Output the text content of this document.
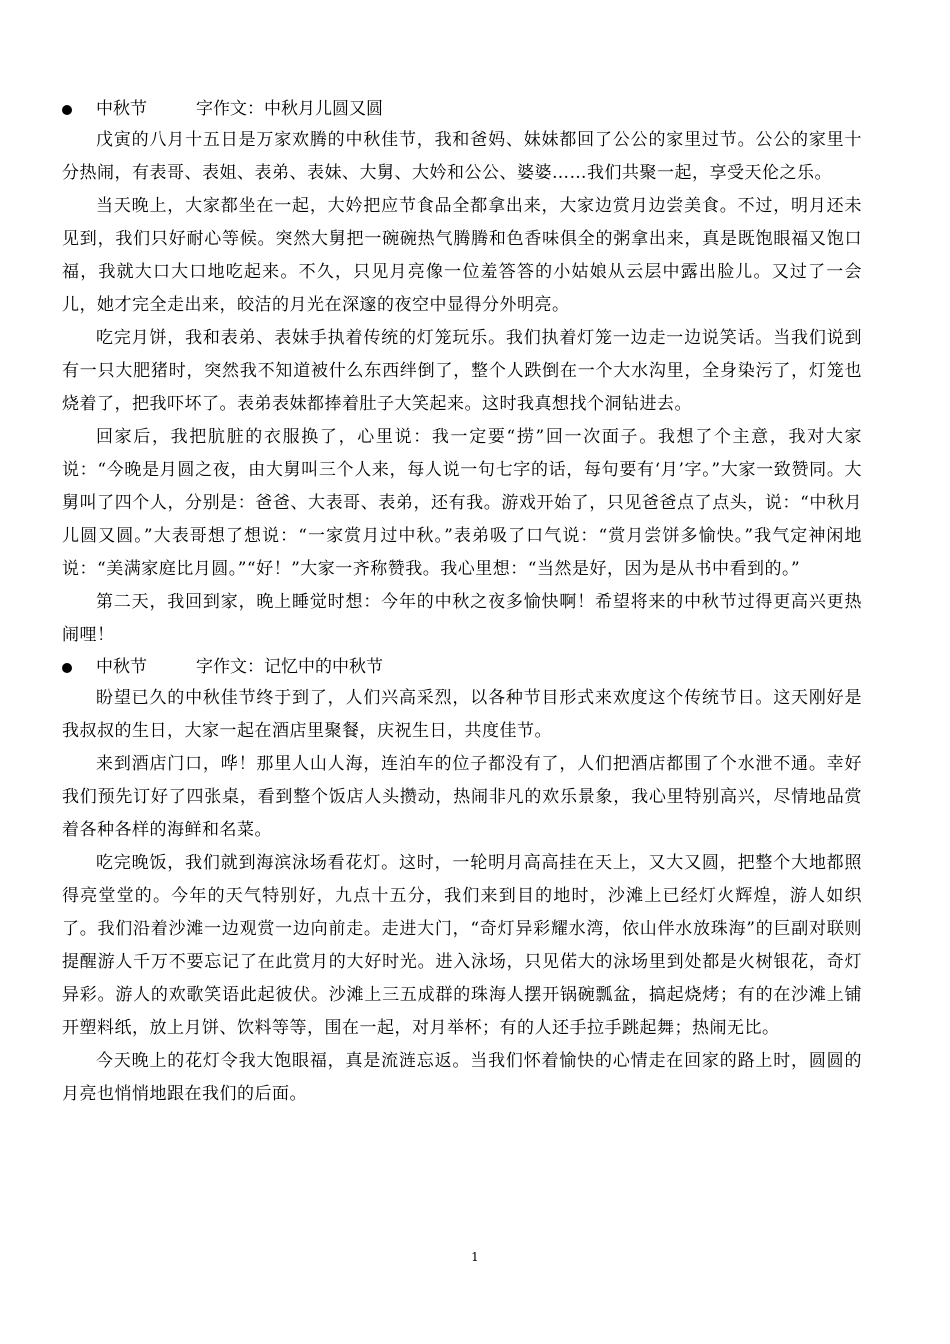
中秋节	字作文：中秋月儿圆又圆

戊寅的八月十五日是万家欢腾的中秋佳节，我和爸妈、妹妹都回了公公的家里过节。公公的家里十分热闹，有表哥、表姐、表弟、表妹、大舅、大妗和公公、婆婆……我们共聚一起，享受天伦之乐。

当天晚上，大家都坐在一起，大妗把应节食品全都拿出来，大家边赏月边尝美食。不过，明月还未见到，我们只好耐心等候。突然大舅把一碗碗热气腾腾和色香味俱全的粥拿出来，真是既饱眼福又饱口福，我就大口大口地吃起来。不久，只见月亮像一位羞答答的小姑娘从云层中露出脸儿。又过了一会儿，她才完全走出来，皎洁的月光在深邃的夜空中显得分外明亮。

吃完月饼，我和表弟、表妹手执着传统的灯笼玩乐。我们执着灯笼一边走一边说笑话。当我们说到有一只大肥猪时，突然我不知道被什么东西绊倒了，整个人跌倒在一个大水沟里，全身染污了，灯笼也烧着了，把我吓坏了。表弟表妹都捧着肚子大笑起来。这时我真想找个洞钻进去。

回家后，我把肮脏的衣服换了，心里说：我一定要“捞”回一次面子。我想了个主意，我对大家说：“今晚是月圆之夜，由大舅叫三个人来，每人说一句七字的话，每句要有‘月’字。”大家一致赞同。大舅叫了四个人，分别是：爸爸、大表哥、表弟，还有我。游戏开始了，只见爸爸点了点头，说：“中秋月儿圆又圆。”大表哥想了想说：“一家赏月过中秋。”表弟吸了口气说：“赏月尝饼多愉快。”我气定神闲地说：“美满家庭比月圆。”“好！”大家一齐称赞我。我心里想：“当然是好，因为是从书中看到的。”

第二天，我回到家，晚上睡觉时想：今年的中秋之夜多愉快啊！希望将来的中秋节过得更高兴更热闹哩！

中秋节	字作文：记忆中的中秋节

盼望已久的中秋佳节终于到了，人们兴高采烈，以各种节目形式来欢度这个传统节日。这天刚好是我叔叔的生日，大家一起在酒店里聚餐，庆祝生日，共度佳节。

来到酒店门口，哗！那里人山人海，连泊车的位子都没有了，人们把酒店都围了个水泄不通。幸好我们预先订好了四张桌，看到整个饭店人头攒动，热闹非凡的欢乐景象，我心里特别高兴，尽情地品赏着各种各样的海鲜和名菜。

吃完晚饭，我们就到海滨泳场看花灯。这时，一轮明月高高挂在天上，又大又圆，把整个大地都照得亮堂堂的。今年的天气特别好，九点十五分，我们来到目的地时，沙滩上已经灯火辉煌，游人如织了。我们沿着沙滩一边观赏一边向前走。走进大门，“奇灯异彩耀水湾，依山伴水放珠海”的巨副对联则提醒游人千万不要忘记了在此赏月的大好时光。进入泳场，只见偌大的泳场里到处都是火树银花，奇灯异彩。游人的欢歌笑语此起彼伏。沙滩上三五成群的珠海人摆开锅碗瓢盆，搞起烧烤；有的在沙滩上铺开塑料纸，放上月饼、饮料等等，围在一起，对月举杯；有的人还手拉手跳起舞；热闹无比。

今天晚上的花灯令我大饱眼福，真是流涟忘返。当我们怀着愉快的心情走在回家的路上时，圆圆的月亮也悄悄地跟在我们的后面。

1
